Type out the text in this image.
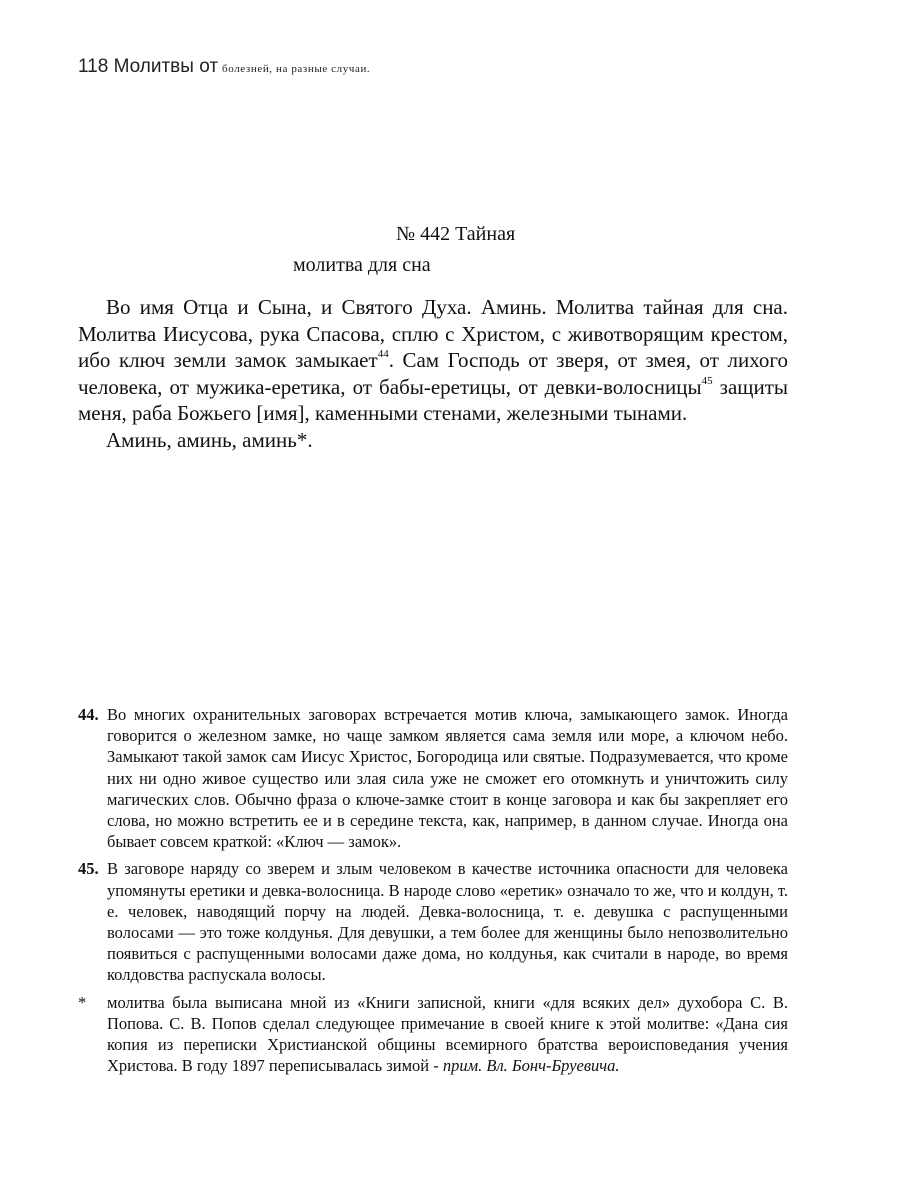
118 Молитвы от болезней, на разные случаи.
№ 442 Тайная
молитва для сна

Во имя Отца и Сына, и Святого Духа. Аминь. Молитва тайная для сна. Молитва Иисусова, рука Спасова, сплю с Христом, с животворящим крестом, ибо ключ земли замок замыкает$^{44}$. Сам Господь от зверя, от змея, от лихого человека, от мужика-еретика, от бабы-еретицы, от девки-волосницы$^{45}$ защиты меня, раба Божьего [имя], каменными стенами, железными тынами.

Аминь, аминь, аминь*.

44. Во многих охранительных заговорах встречается мотив ключа, замыкающего замок. Иногда говорится о железном замке, но чаще замком является сама земля или море, а ключом небо. Замыкают такой замок сам Иисус Христос, Богородица или святые. Подразумевается, что кроме них ни одно живое существо или злая сила уже не сможет его отомкнуть и уничтожить силу магических слов. Обычно фраза о ключе-замке стоит в конце заговора и как бы закрепляет его слова, но можно встретить ее и в середине текста, как, например, в данном случае. Иногда она бывает совсем краткой: «Ключ — замок».
45. В заговоре наряду со зверем и злым человеком в качестве источника опасности для человека упомянуты еретики и девка-волосница. В народе слово «еретик» означало то же, что и колдун, т. е. человек, наводящий порчу на людей. Девка-волосница, т. е. девушка с распущенными волосами — это тоже колдунья. Для девушки, а тем более для женщины было непозволительно появиться с распущенными волосами даже дома, но колдунья, как считали в народе, во время колдовства распускала волосы.
* молитва была выписана мной из «Книги записной, книги «для всяких дел» духобора С. В. Попова. С. В. Попов сделал следующее примечание в своей книге к этой молитве: «Дана сия копия из переписки Христианской общины всемирного братства вероисповедания учения Христова. В году 1897 переписывалась зимой - прим. Вл. Бонч-Бруевича.
